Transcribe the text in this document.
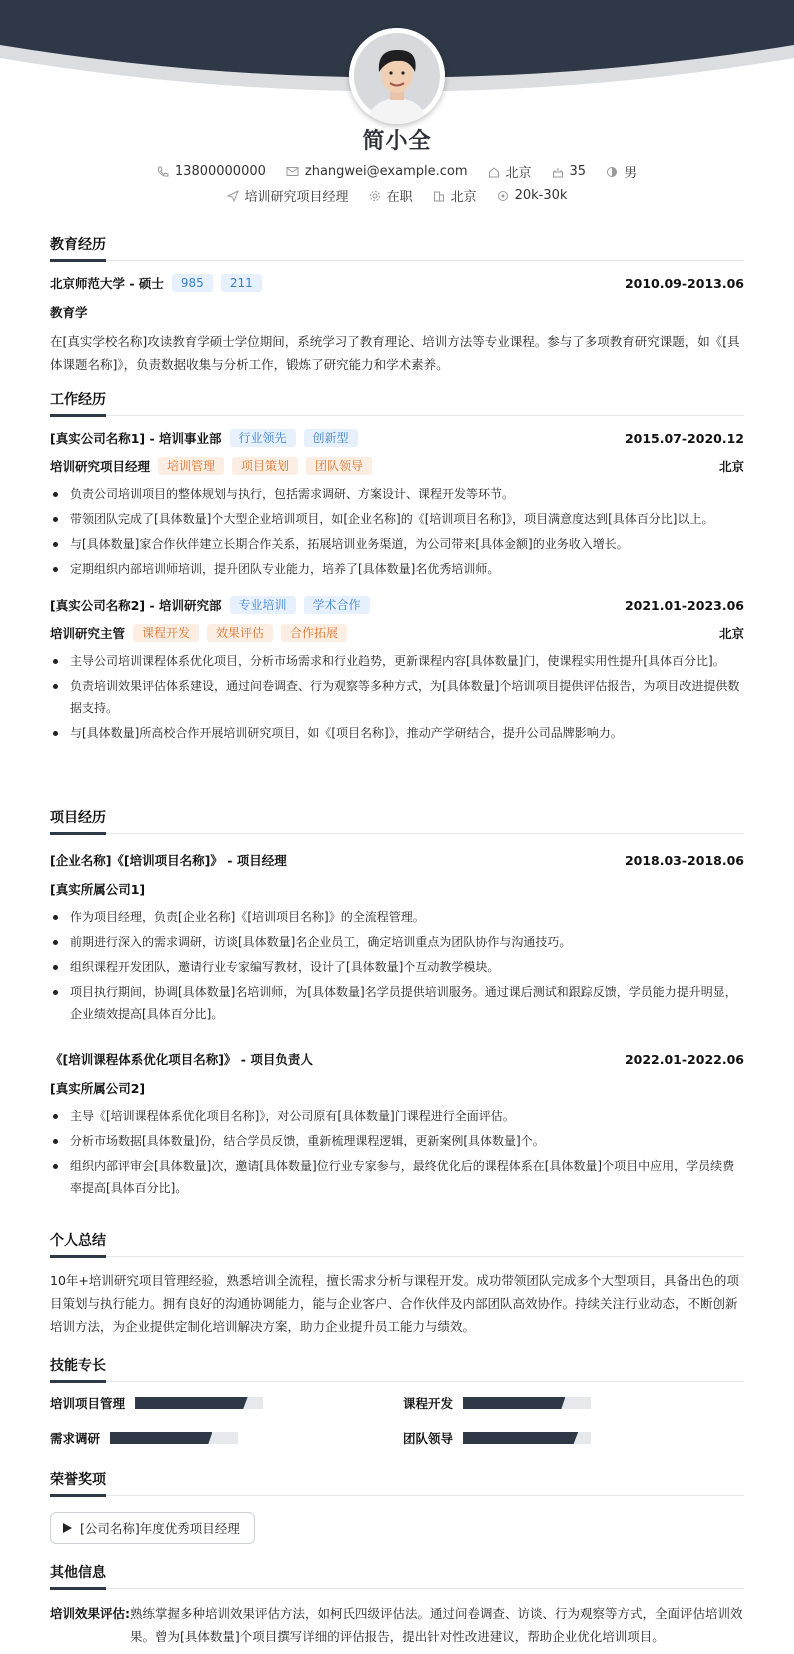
简小全
13800000000	zhangwei@example.com	北京	35	男
培训研究项目经理	在职	北京	20k-30k
教育经历
北京师范大学 - 硕士	985	211	2010.09-2013.06
教育学
在[真实学校名称]攻读教育学硕士学位期间，系统学习了教育理论、培训方法等专业课程。参与了多项教育研究课题，如《[具体课题名称]》，负责数据收集与分析工作，锻炼了研究能力和学术素养。
工作经历
[真实公司名称1] - 培训事业部	行业领先	创新型	2015.07-2020.12
培训研究项目经理	培训管理	项目策划	团队领导	北京
负责公司培训项目的整体规划与执行，包括需求调研、方案设计、课程开发等环节。
带领团队完成了[具体数量]个大型企业培训项目，如[企业名称]的《[培训项目名称]》，项目满意度达到[具体百分比]以上。
与[具体数量]家合作伙伴建立长期合作关系，拓展培训业务渠道，为公司带来[具体金额]的业务收入增长。
定期组织内部培训师培训，提升团队专业能力，培养了[具体数量]名优秀培训师。
[真实公司名称2] - 培训研究部	专业培训	学术合作	2021.01-2023.06
培训研究主管	课程开发	效果评估	合作拓展	北京
主导公司培训课程体系优化项目，分析市场需求和行业趋势，更新课程内容[具体数量]门，使课程实用性提升[具体百分比]。
负责培训效果评估体系建设，通过问卷调查、行为观察等多种方式，为[具体数量]个培训项目提供评估报告，为项目改进提供数据支持。
与[具体数量]所高校合作开展培训研究项目，如《[项目名称]》，推动产学研结合，提升公司品牌影响力。
项目经历
[企业名称]《[培训项目名称]》 - 项目经理	2018.03-2018.06
[真实所属公司1]
作为项目经理，负责[企业名称]《[培训项目名称]》的全流程管理。
前期进行深入的需求调研，访谈[具体数量]名企业员工，确定培训重点为团队协作与沟通技巧。
组织课程开发团队，邀请行业专家编写教材，设计了[具体数量]个互动教学模块。
项目执行期间，协调[具体数量]名培训师，为[具体数量]名学员提供培训服务。通过课后测试和跟踪反馈，学员能力提升明显，企业绩效提高[具体百分比]。
《[培训课程体系优化项目名称]》 - 项目负责人	2022.01-2022.06
[真实所属公司2]
主导《[培训课程体系优化项目名称]》，对公司原有[具体数量]门课程进行全面评估。
分析市场数据[具体数量]份，结合学员反馈，重新梳理课程逻辑，更新案例[具体数量]个。
组织内部评审会[具体数量]次，邀请[具体数量]位行业专家参与，最终优化后的课程体系在[具体数量]个项目中应用，学员续费率提高[具体百分比]。
个人总结
10年+培训研究项目管理经验，熟悉培训全流程，擅长需求分析与课程开发。成功带领团队完成多个大型项目，具备出色的项目策划与执行能力。拥有良好的沟通协调能力，能与企业客户、合作伙伴及内部团队高效协作。持续关注行业动态，不断创新培训方法，为企业提供定制化培训解决方案，助力企业提升员工能力与绩效。
技能专长
培训项目管理	课程开发
需求调研	团队领导
荣誉奖项
[公司名称]年度优秀项目经理
其他信息
培训效果评估: 熟练掌握多种培训效果评估方法，如柯氏四级评估法。通过问卷调查、访谈、行为观察等方式，全面评估培训效果。曾为[具体数量]个项目撰写详细的评估报告，提出针对性改进建议，帮助企业优化培训项目。
